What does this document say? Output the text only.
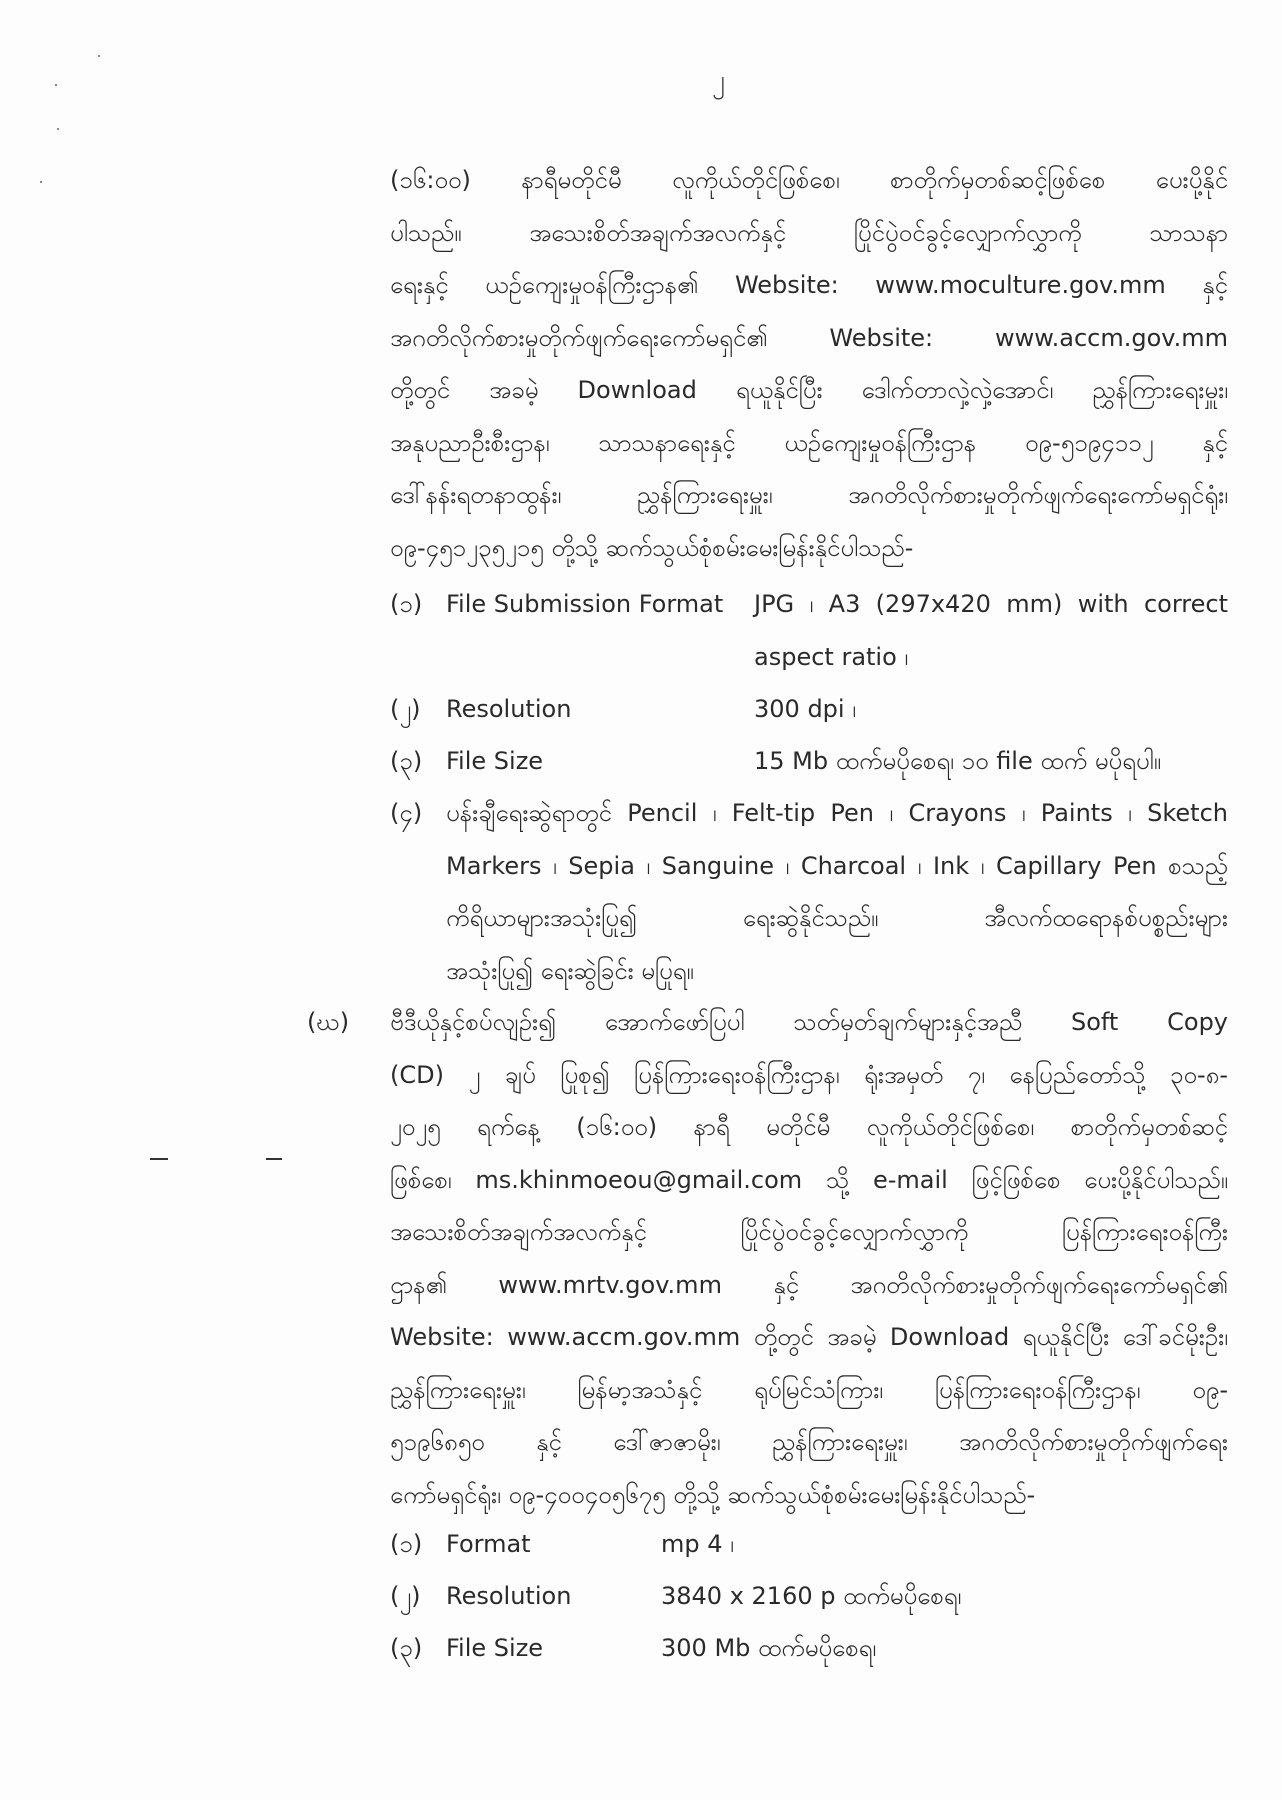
၂
(၁၆:၀၀) နာရီမတိုင်မီ လူကိုယ်တိုင်ဖြစ်စေ၊ စာတိုက်မှတစ်ဆင့်ဖြစ်စေ ပေးပို့နိုင်
ပါသည်။ အသေးစိတ်အချက်အလက်နှင့် ပြိုင်ပွဲဝင်ခွင့်လျှောက်လွှာကို သာသနာ
ရေးနှင့် ယဉ်ကျေးမှုဝန်ကြီးဌာန၏ Website: www.moculture.gov.mm နှင့်
အဂတိလိုက်စားမှုတိုက်ဖျက်ရေးကော်မရှင်၏ Website: www.accm.gov.mm
တို့တွင် အခမဲ့ Download ရယူနိုင်ပြီး ဒေါက်တာလှဲ့လှဲ့အောင်၊ ညွှန်ကြားရေးမှူး၊
အနုပညာဦးစီးဌာန၊ သာသနာရေးနှင့် ယဉ်ကျေးမှုဝန်ကြီးဌာန ၀၉-၅၁၉၄၁၁၂ နှင့်
ဒေါ်နန်းရတနာထွန်း၊ ညွှန်ကြားရေးမှူး၊ အဂတိလိုက်စားမှုတိုက်ဖျက်ရေးကော်မရှင်ရုံး၊
၀၉-၄၅၁၂၃၅၂၁၅ တို့သို့ ဆက်သွယ်စုံစမ်းမေးမြန်းနိုင်ပါသည်-
(၁) File Submission Format	JPG ၊ A3 (297x420 mm) with correct
aspect ratio ၊
(၂)	Resolution	300 dpi ၊
(၃) File Size	15 Mb ထက်မပိုစေရ၊ ၁၀ file ထက် မပိုရပါ။
(၄) ပန်းချီရေးဆွဲရာတွင် Pencil ၊ Felt-tip Pen ၊ Crayons ၊ Paints ၊ Sketch
Markers ၊ Sepia ၊ Sanguine ၊ Charcoal ၊ Ink ၊ Capillary Pen စသည့်
ကိရိယာများအသုံးပြု၍ ရေးဆွဲနိုင်သည်။ အီလက်ထရောနစ်ပစ္စည်းများ
အသုံးပြု၍ ရေးဆွဲခြင်း မပြုရ။
(ဃ) ဗီဒီယိုနှင့်စပ်လျဉ်း၍ အောက်ဖော်ပြပါ သတ်မှတ်ချက်များနှင့်အညီ Soft Copy
(CD) ၂ ချပ် ပြုစု၍ ပြန်ကြားရေးဝန်ကြီးဌာန၊ ရုံးအမှတ် ၇၊ နေပြည်တော်သို့ ၃၀-၈-
၂၀၂၅ ရက်နေ့ (၁၆:၀၀) နာရီ မတိုင်မီ လူကိုယ်တိုင်ဖြစ်စေ၊ စာတိုက်မှတစ်ဆင့်
ဖြစ်စေ၊ ms.khinmoeou@gmail.com သို့ e-mail ဖြင့်ဖြစ်စေ ပေးပို့နိုင်ပါသည်။
အသေးစိတ်အချက်အလက်နှင့် ပြိုင်ပွဲဝင်ခွင့်လျှောက်လွှာကို ပြန်ကြားရေးဝန်ကြီး
ဌာန၏ www.mrtv.gov.mm နှင့် အဂတိလိုက်စားမှုတိုက်ဖျက်ရေးကော်မရှင်၏
Website: www.accm.gov.mm တို့တွင် အခမဲ့ Download ရယူနိုင်ပြီး ဒေါ်ခင်မိုးဦး၊
ညွှန်ကြားရေးမှူး၊ မြန်မာ့အသံနှင့် ရုပ်မြင်သံကြား၊ ပြန်ကြားရေးဝန်ကြီးဌာန၊ ၀၉-
၅၁၉၆၈၅၀ နှင့် ဒေါ်ဇာဇာမိုး၊ ညွှန်ကြားရေးမှူး၊ အဂတိလိုက်စားမှုတိုက်ဖျက်ရေး
ကော်မရှင်ရုံး၊ ၀၉-၄၀၀၄၀၅၆၇၅ တို့သို့ ဆက်သွယ်စုံစမ်းမေးမြန်းနိုင်ပါသည်-
(၁) Format	mp 4 ၊
(၂)	Resolution	3840 x 2160 p ထက်မပိုစေရ၊
(၃) File Size	300 Mb ထက်မပိုစေရ၊
